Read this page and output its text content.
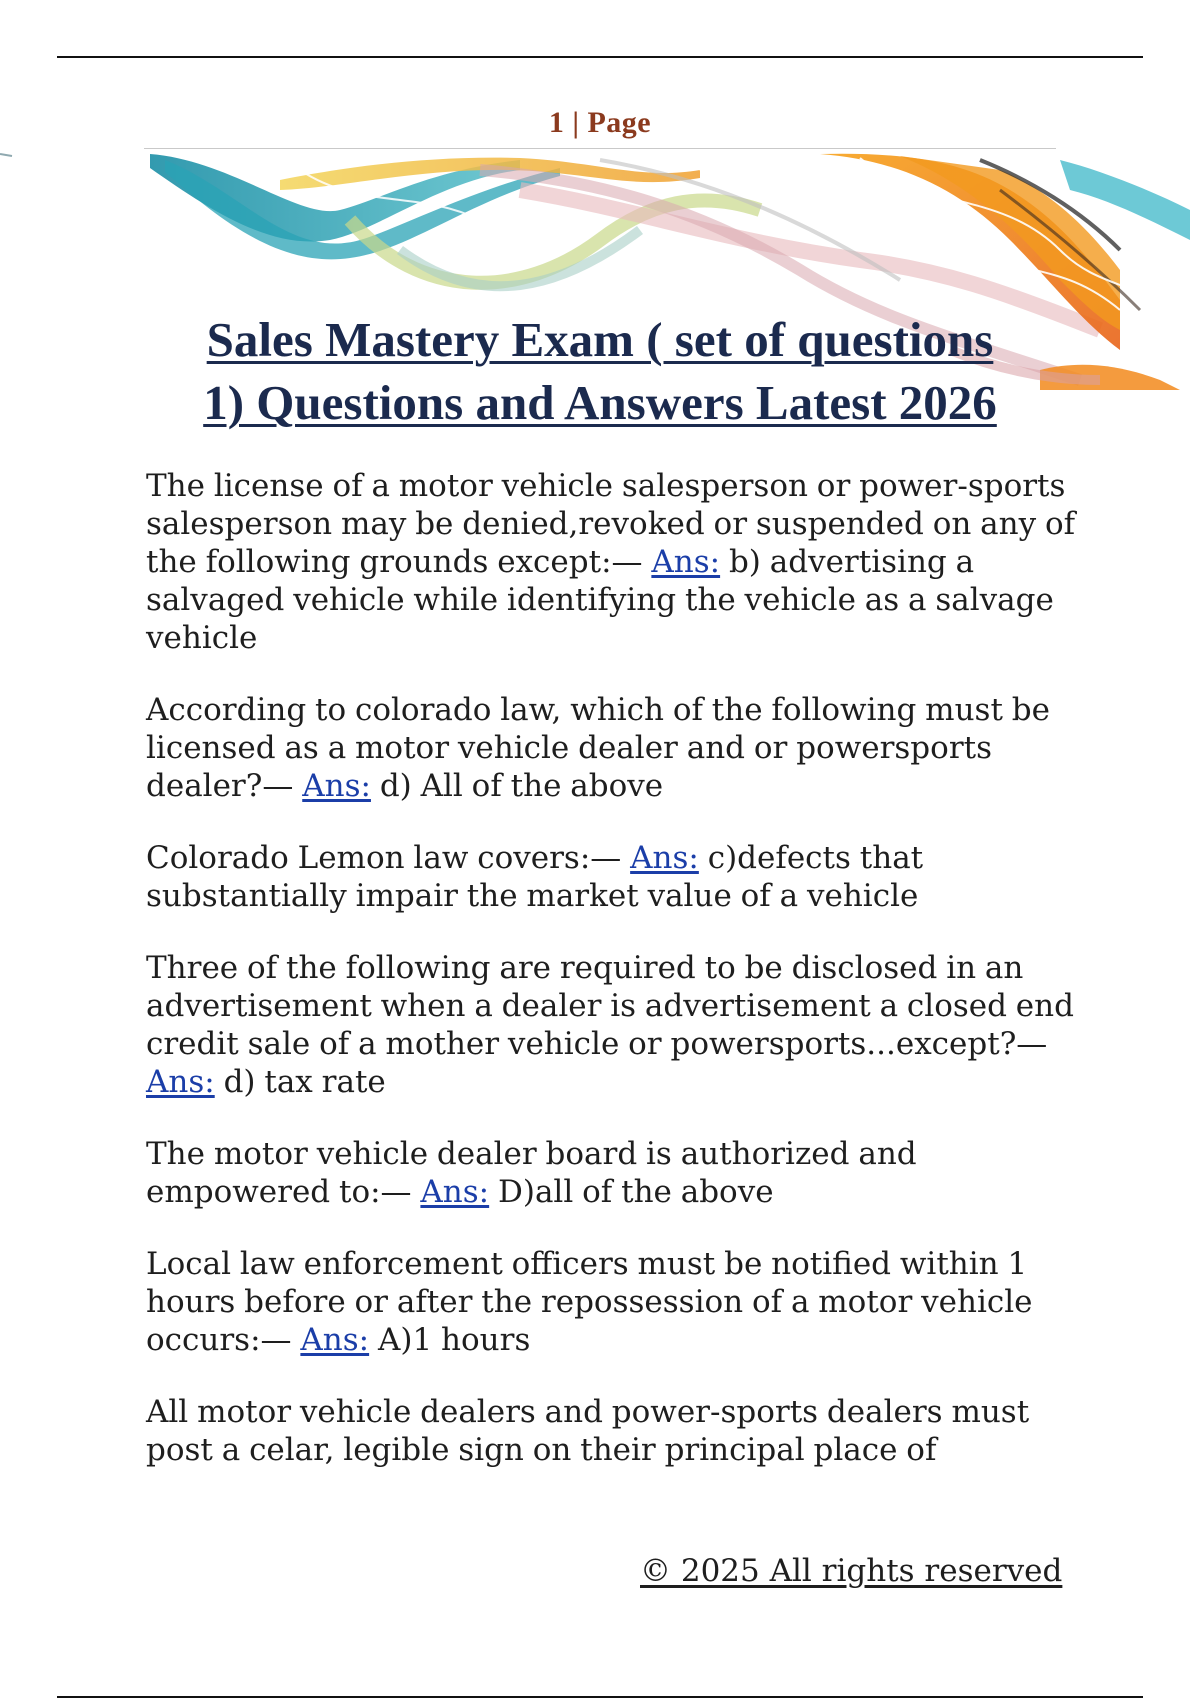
1 | Page
Sales Mastery Exam ( set of questions
1) Questions and Answers Latest 2026

The license of a motor vehicle salesperson or power-sports salesperson may be denied,revoked or suspended on any of the following grounds except:— Ans: b) advertising a salvaged vehicle while identifying the vehicle as a salvage vehicle

According to colorado law, which of the following must be licensed as a motor vehicle dealer and or powersports dealer?— Ans: d) All of the above

Colorado Lemon law covers:— Ans: c)defects that substantially impair the market value of a vehicle

Three of the following are required to be disclosed in an advertisement when a dealer is advertisement a closed end credit sale of a mother vehicle or powersports...except?— Ans: d) tax rate

The motor vehicle dealer board is authorized and empowered to:— Ans: D)all of the above

Local law enforcement officers must be notified within 1 hours before or after the repossession of a motor vehicle occurs:— Ans: A)1 hours

All motor vehicle dealers and power-sports dealers must post a celar, legible sign on their principal place of

© 2025 All rights reserved
